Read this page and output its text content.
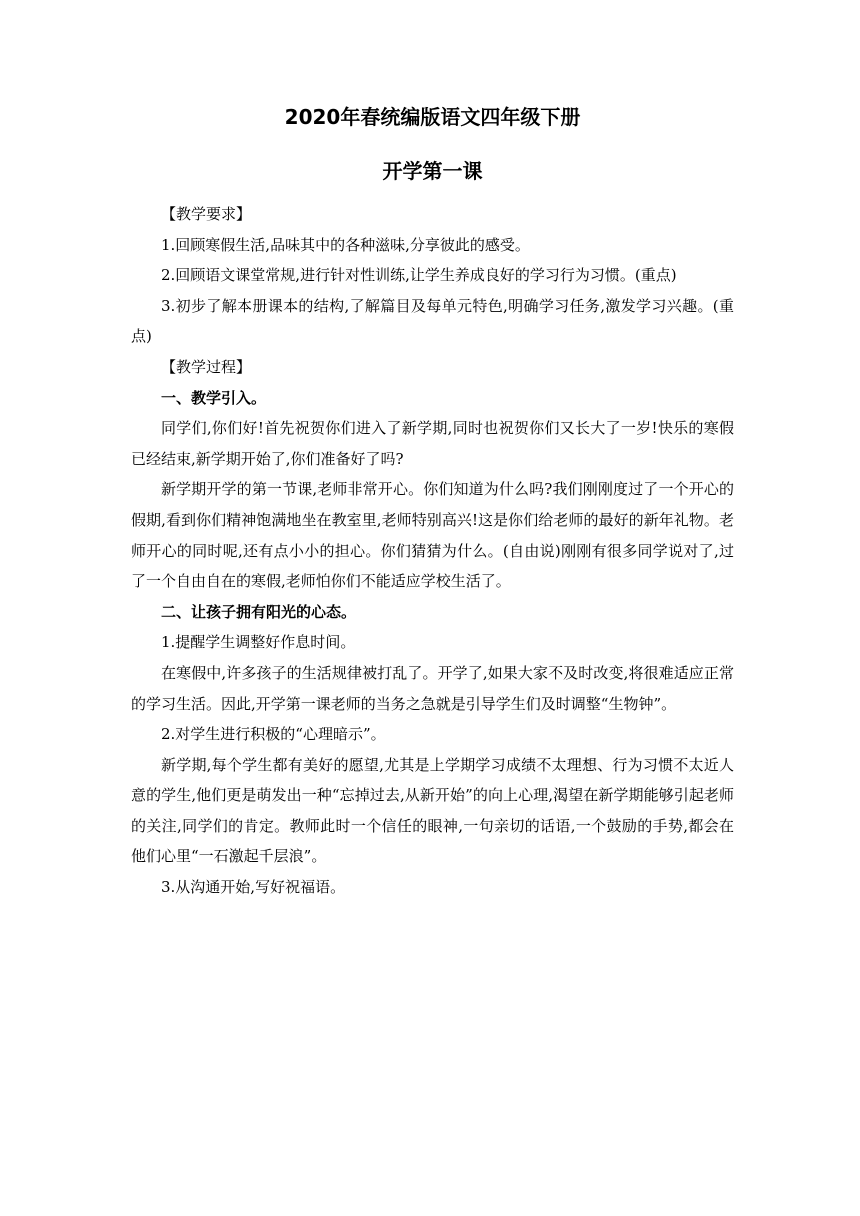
2020年春统编版语文四年级下册
开学第一课

【教学要求】

1.回顾寒假生活,品味其中的各种滋味,分享彼此的感受。

2.回顾语文课堂常规,进行针对性训练,让学生养成良好的学习行为习惯。(重点)

3.初步了解本册课本的结构,了解篇目及每单元特色,明确学习任务,激发学习兴趣。(重点)

【教学过程】

一、教学引入。

同学们,你们好!首先祝贺你们进入了新学期,同时也祝贺你们又长大了一岁!快乐的寒假已经结束,新学期开始了,你们准备好了吗?

新学期开学的第一节课,老师非常开心。你们知道为什么吗?我们刚刚度过了一个开心的假期,看到你们精神饱满地坐在教室里,老师特别高兴!这是你们给老师的最好的新年礼物。老师开心的同时呢,还有点小小的担心。你们猜猜为什么。(自由说)刚刚有很多同学说对了,过了一个自由自在的寒假,老师怕你们不能适应学校生活了。

二、让孩子拥有阳光的心态。

1.提醒学生调整好作息时间。

在寒假中,许多孩子的生活规律被打乱了。开学了,如果大家不及时改变,将很难适应正常的学习生活。因此,开学第一课老师的当务之急就是引导学生们及时调整“生物钟”。

2.对学生进行积极的“心理暗示”。

新学期,每个学生都有美好的愿望,尤其是上学期学习成绩不太理想、行为习惯不太近人意的学生,他们更是萌发出一种“忘掉过去,从新开始”的向上心理,渴望在新学期能够引起老师的关注,同学们的肯定。教师此时一个信任的眼神,一句亲切的话语,一个鼓励的手势,都会在他们心里“一石激起千层浪”。

3.从沟通开始,写好祝福语。
